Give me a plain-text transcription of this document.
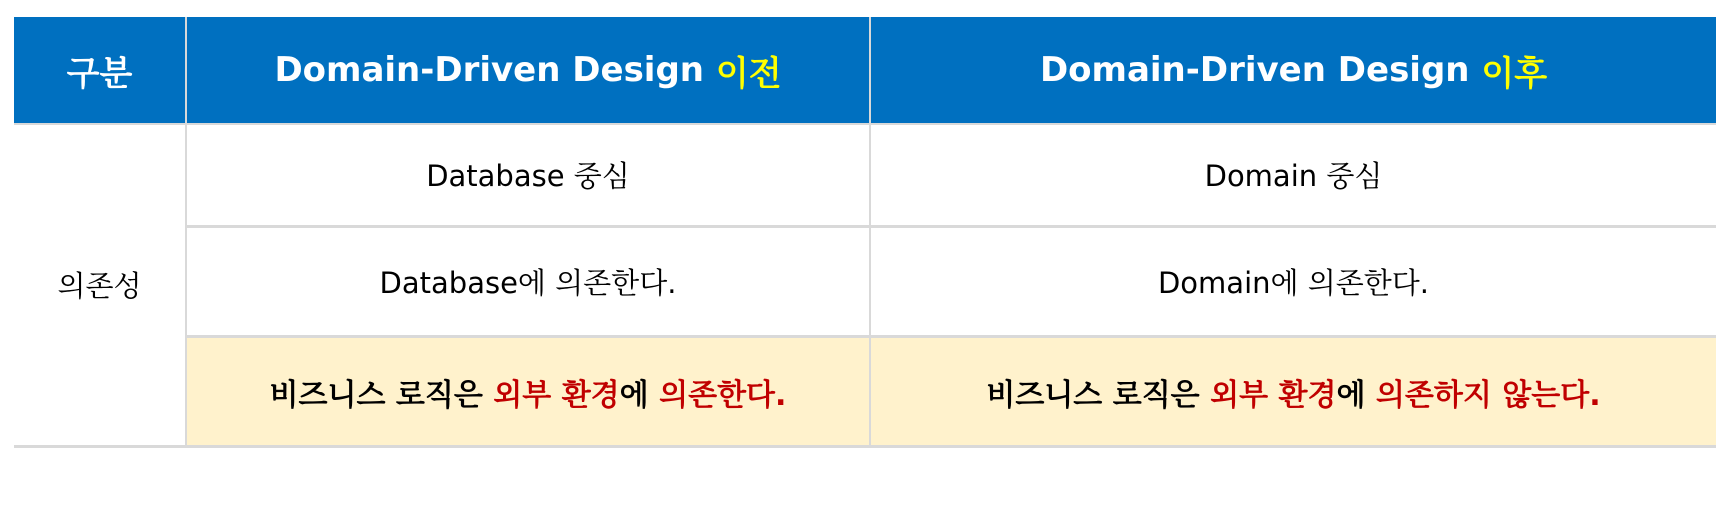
구분	Domain-Driven Design 이전	Domain-Driven Design 이후
의존성
Database 중심	Domain 중심
Database에 의존한다.	Domain에 의존한다.
비즈니스 로직은 외부 환경에 의존한다.	비즈니스 로직은 외부 환경에 의존하지 않는다.
